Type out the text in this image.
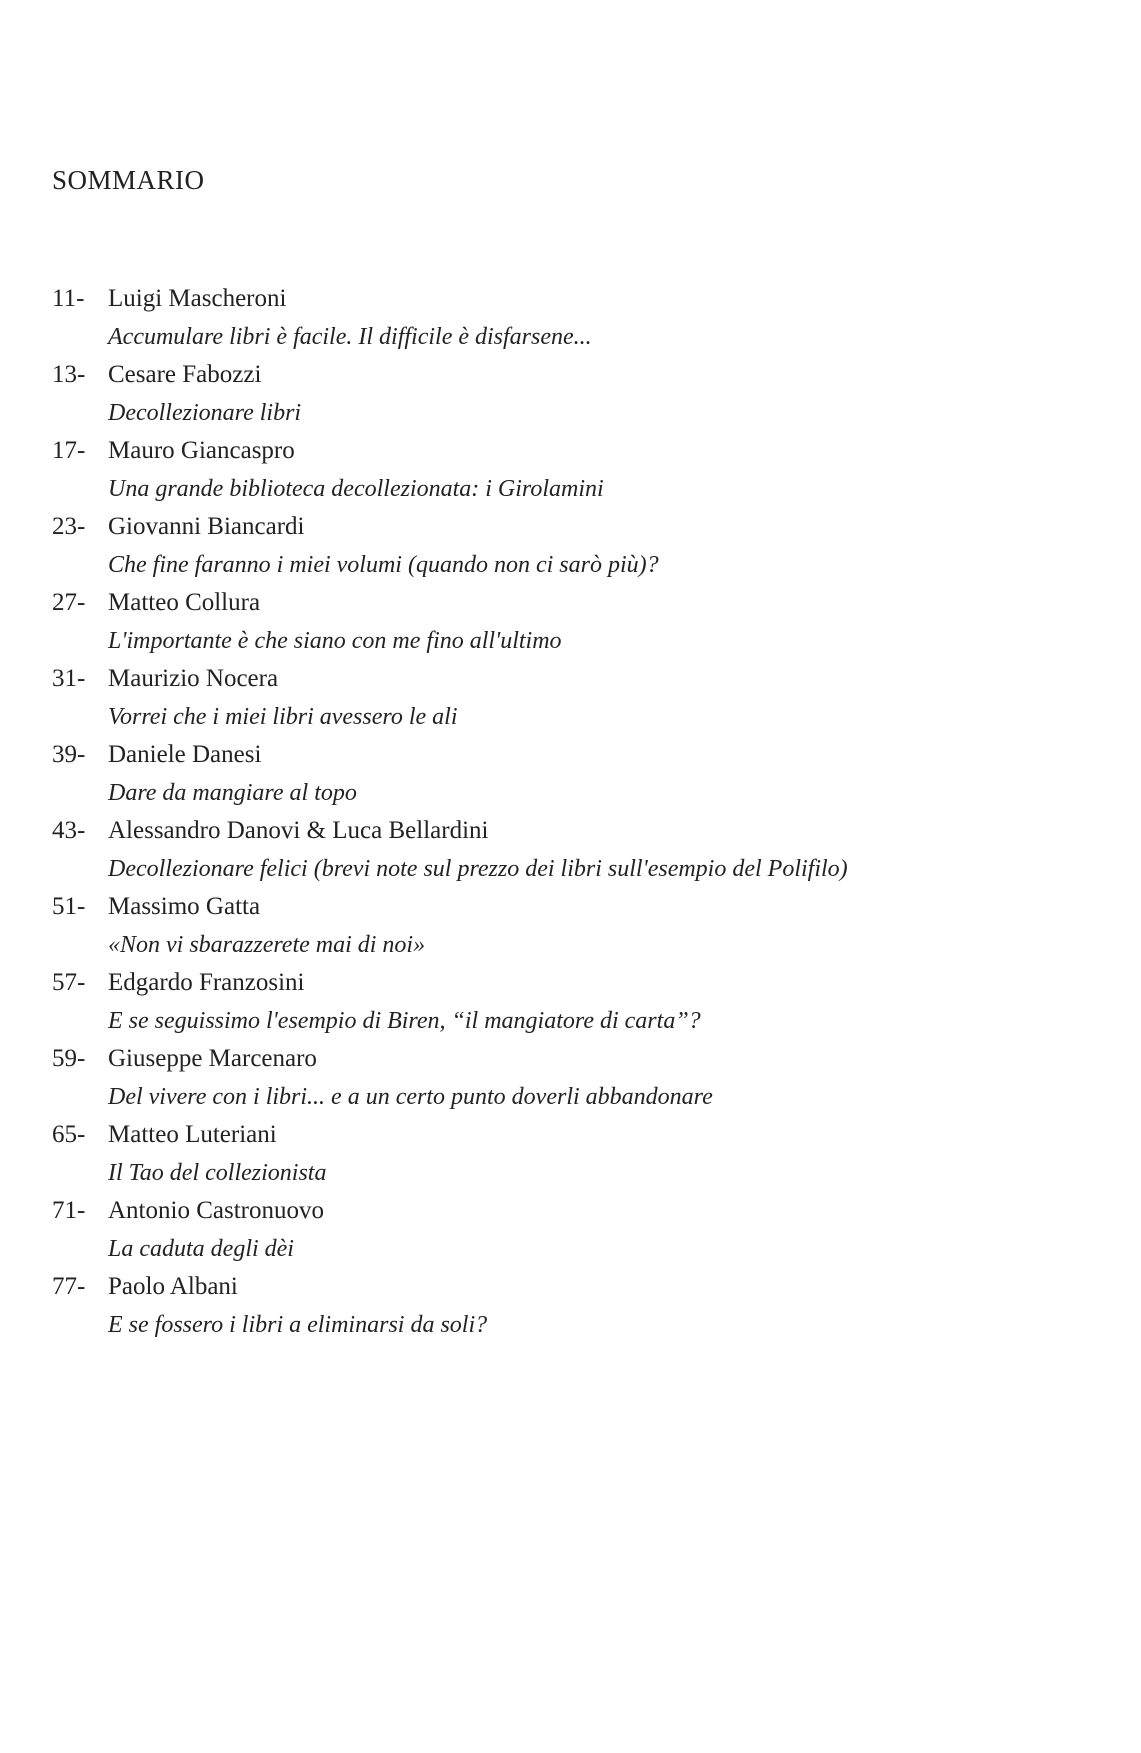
SOMMARIO
11- Luigi Mascheroni
Accumulare libri è facile. Il difficile è disfarsene...
13- Cesare Fabozzi
Decollezionare libri
17- Mauro Giancaspro
Una grande biblioteca decollezionata: i Girolamini
23- Giovanni Biancardi
Che fine faranno i miei volumi (quando non ci sarò più)?
27- Matteo Collura
L'importante è che siano con me fino all'ultimo
31- Maurizio Nocera
Vorrei che i miei libri avessero le ali
39- Daniele Danesi
Dare da mangiare al topo
43- Alessandro Danovi & Luca Bellardini
Decollezionare felici (brevi note sul prezzo dei libri sull'esempio del Polifilo)
51- Massimo Gatta
«Non vi sbarazzerete mai di noi»
57- Edgardo Franzosini
E se seguissimo l'esempio di Biren, “il mangiatore di carta”?
59- Giuseppe Marcenaro
Del vivere con i libri... e a un certo punto doverli abbandonare
65- Matteo Luteriani
Il Tao del collezionista
71- Antonio Castronuovo
La caduta degli dèi
77- Paolo Albani
E se fossero i libri a eliminarsi da soli?
